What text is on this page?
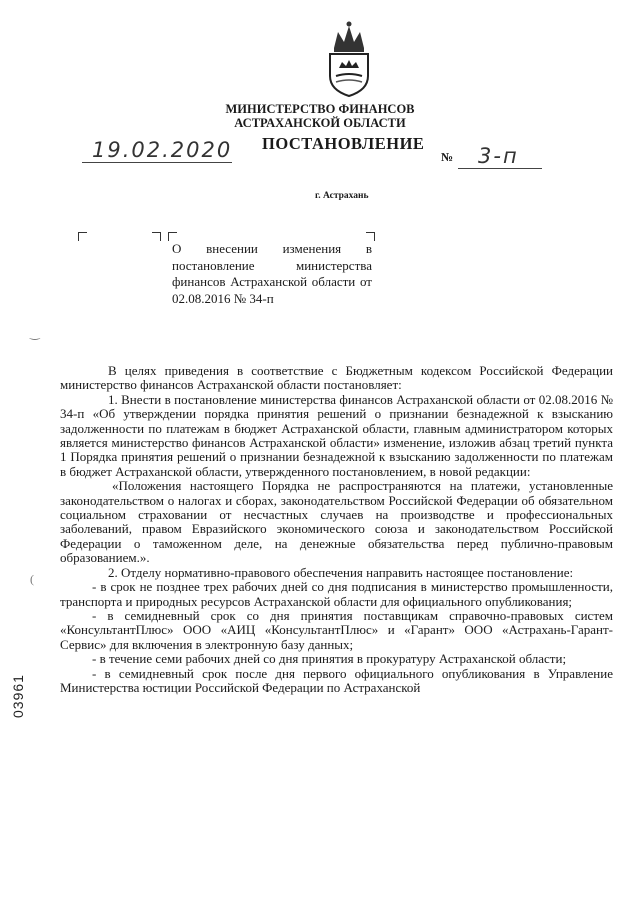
МИНИСТЕРСТВО ФИНАНСОВ
АСТРАХАНСКОЙ ОБЛАСТИ
19.02.2020 ПОСТАНОВЛЕНИЕ
№ 3-п
г. Астрахань
О внесении изменения в постановление министерства финансов Астраханской области от 02.08.2016 № 34-п
‿
(

В целях приведения в соответствие с Бюджетным кодексом Российской Федерации министерство финансов Астраханской области постановляет:

1. Внести в постановление министерства финансов Астраханской области от 02.08.2016 № 34-п «Об утверждении порядка принятия решений о признании безнадежной к взысканию задолженности по платежам в бюджет Астраханской области, главным администратором которых является министерство финансов Астраханской области» изменение, изложив абзац третий пункта 1 Порядка принятия решений о признании безнадежной к взысканию задолженности по платежам в бюджет Астраханской области, утвержденного постановлением, в новой редакции:

«Положения настоящего Порядка не распространяются на платежи, установленные законодательством о налогах и сборах, законодательством Российской Федерации об обязательном социальном страховании от несчастных случаев на производстве и профессиональных заболеваний, правом Евразийского экономического союза и законодательством Российской Федерации о таможенном деле, на денежные обязательства перед публично-правовым образованием.».

2. Отделу нормативно-правового обеспечения направить настоящее постановление:

- в срок не позднее трех рабочих дней со дня подписания в министерство промышленности, транспорта и природных ресурсов Астраханской области для официального опубликования;

- в семидневный срок со дня принятия поставщикам справочно-правовых систем «КонсультантПлюс» ООО «АИЦ «КонсультантПлюс» и «Гарант» ООО «Астрахань-Гарант-Сервис» для включения в электронную базу данных;

- в течение семи рабочих дней со дня принятия в прокуратуру Астраханской области;

- в семидневный срок после дня первого официального опубликования в Управление Министерства юстиции Российской Федерации по Астраханской

03961
